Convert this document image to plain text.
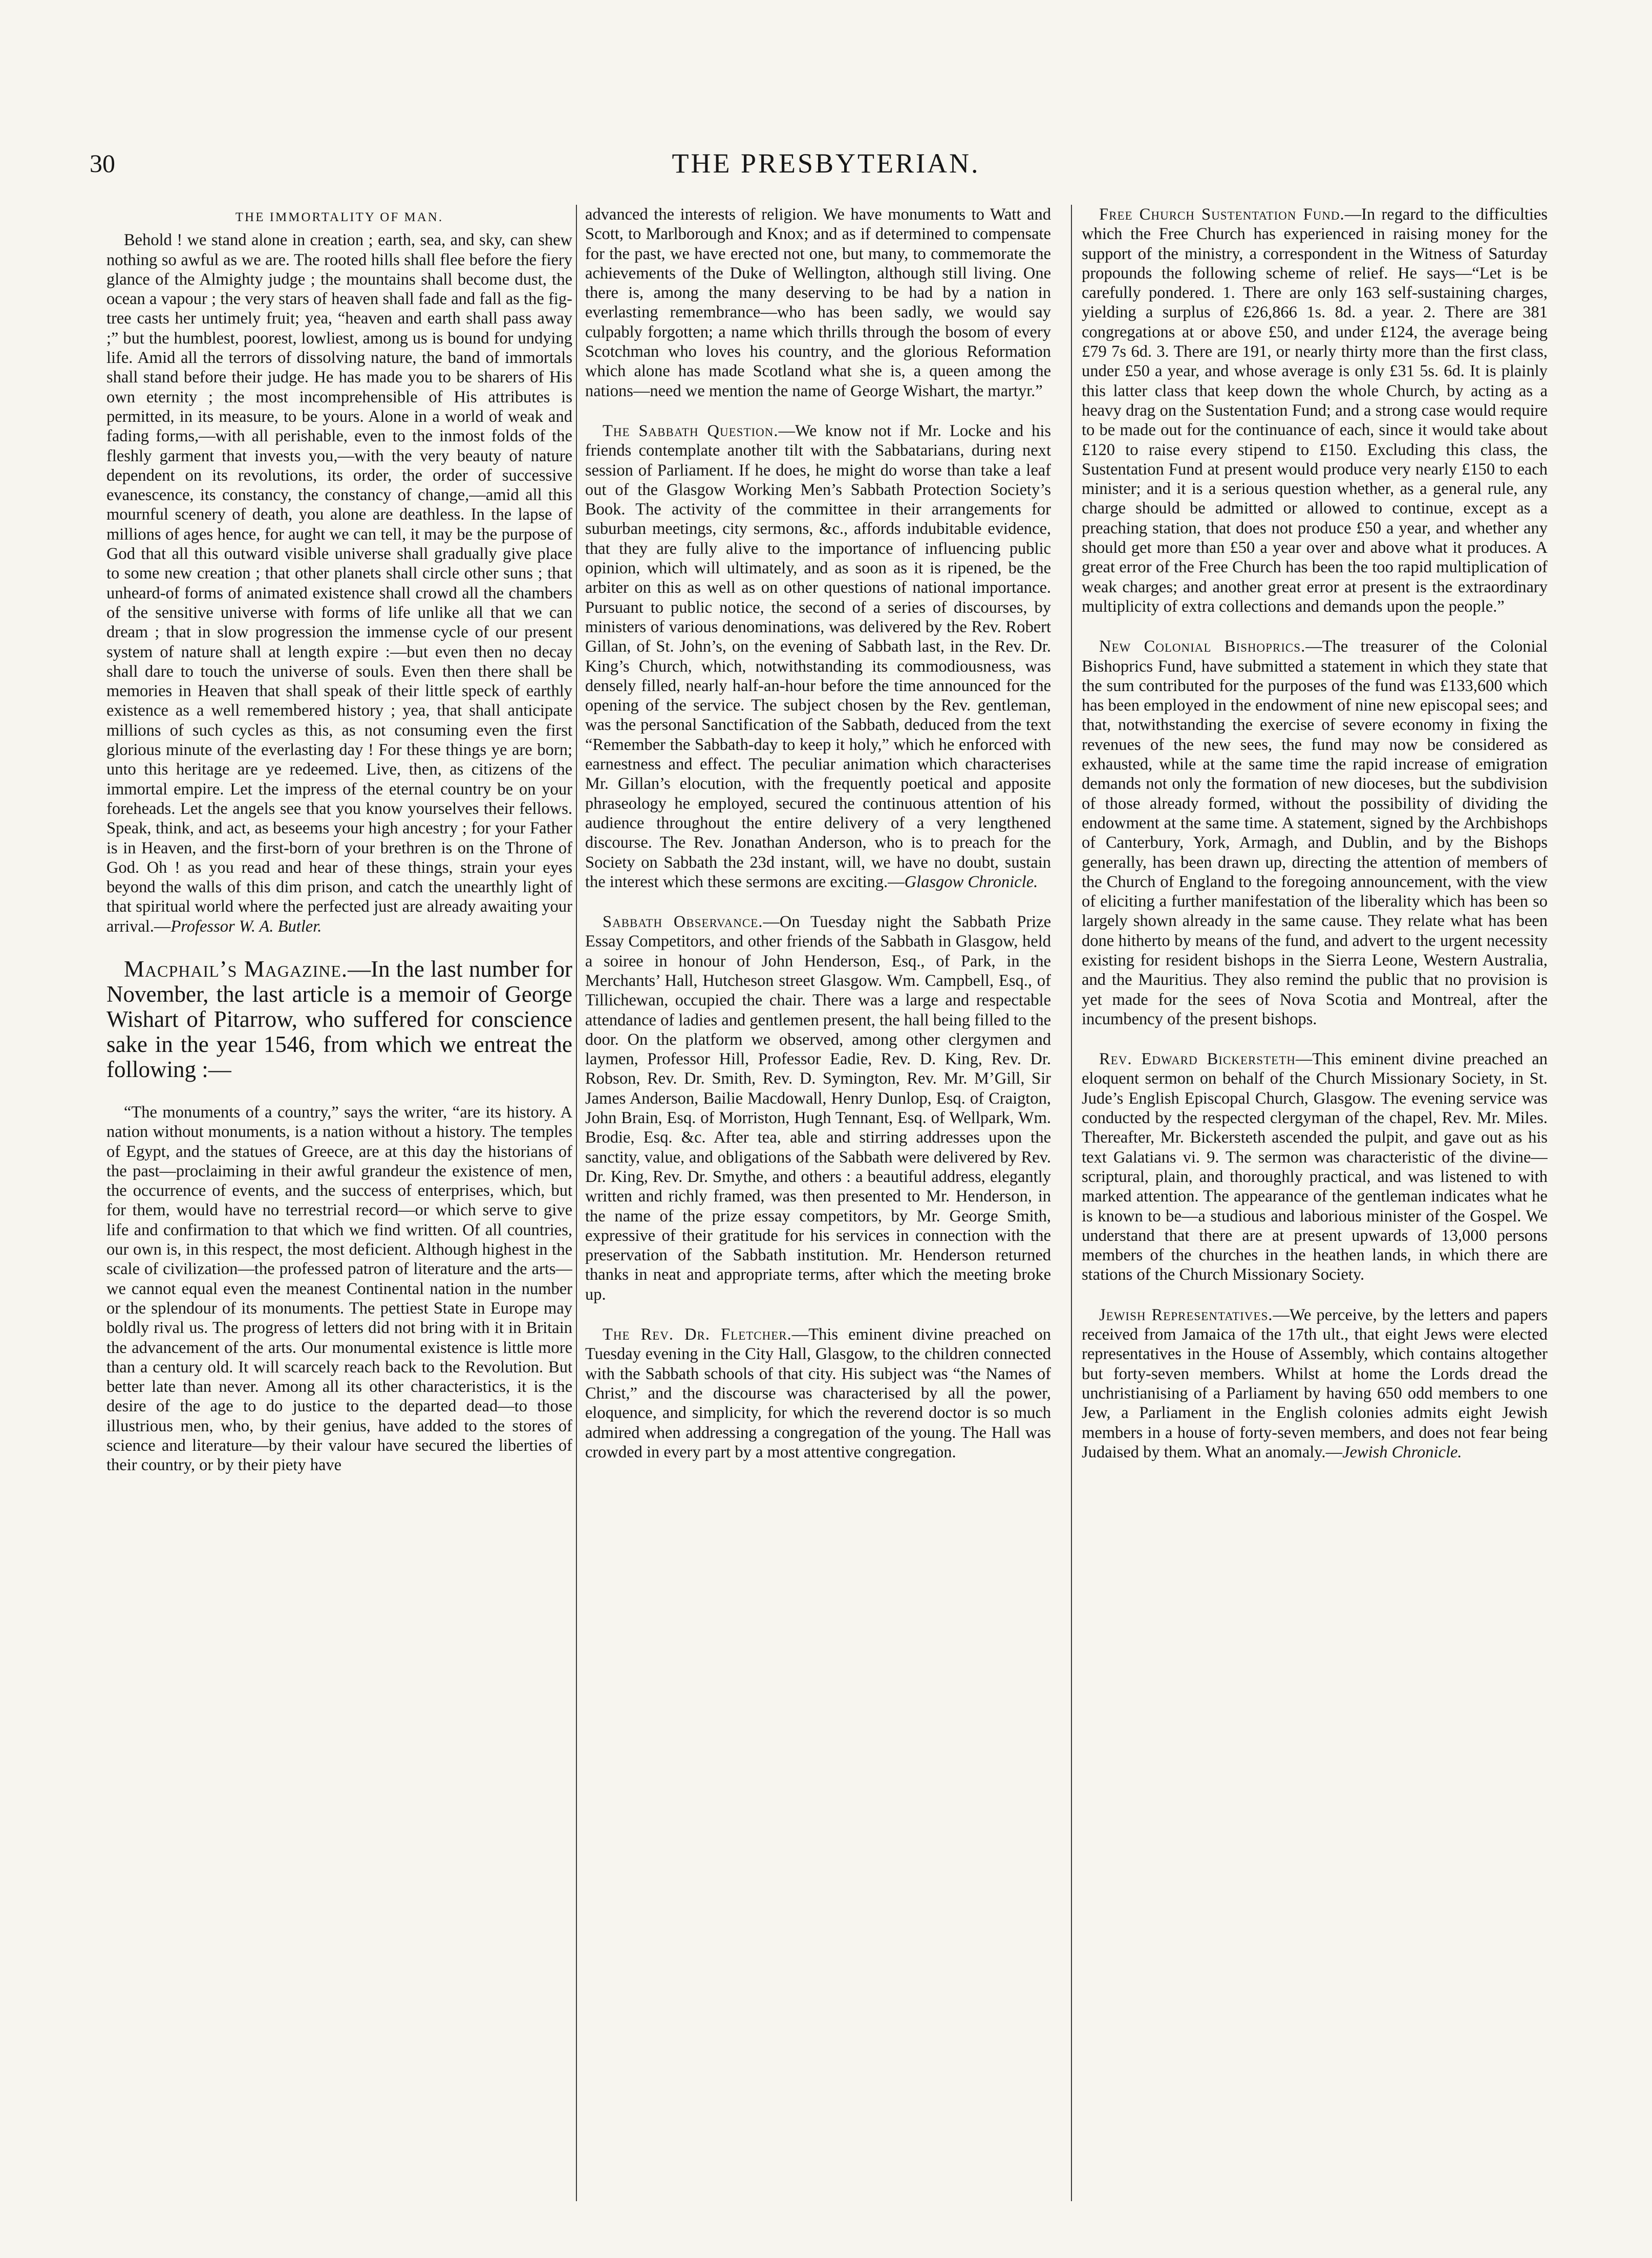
30	THE PRESBYTERIAN.
THE IMMORTALITY OF MAN.

Behold ! we stand alone in creation ; earth, sea, and sky, can shew nothing so awful as we are. The rooted hills shall flee before the fiery glance of the Almighty judge ; the mountains shall become dust, the ocean a vapour ; the very stars of heaven shall fade and fall as the fig-tree casts her untimely fruit; yea, “heaven and earth shall pass away ;” but the humblest, poorest, lowliest, among us is bound for undying life. Amid all the terrors of dissolving nature, the band of immortals shall stand before their judge. He has made you to be sharers of His own eternity ; the most incomprehensible of His attributes is permitted, in its measure, to be yours. Alone in a world of weak and fading forms,—with all perishable, even to the inmost folds of the fleshly garment that invests you,—with the very beauty of nature dependent on its revolutions, its order, the order of successive evanescence, its constancy, the constancy of change,—amid all this mournful scenery of death, you alone are deathless. In the lapse of millions of ages hence, for aught we can tell, it may be the purpose of God that all this outward visible universe shall gradually give place to some new creation ; that other planets shall circle other suns ; that unheard-of forms of animated existence shall crowd all the chambers of the sensitive universe with forms of life unlike all that we can dream ; that in slow progression the immense cycle of our present system of nature shall at length expire :—but even then no decay shall dare to touch the universe of souls. Even then there shall be memories in Heaven that shall speak of their little speck of earthly existence as a well remembered history ; yea, that shall anticipate millions of such cycles as this, as not consuming even the first glorious minute of the everlasting day ! For these things ye are born; unto this heritage are ye redeemed. Live, then, as citizens of the immortal empire. Let the impress of the eternal country be on your foreheads. Let the angels see that you know yourselves their fellows. Speak, think, and act, as beseems your high ancestry ; for your Father is in Heaven, and the first-born of your brethren is on the Throne of God. Oh ! as you read and hear of these things, strain your eyes beyond the walls of this dim prison, and catch the unearthly light of that spiritual world where the perfected just are already awaiting your arrival.—Professor W. A. Butler.

Macphail’s Magazine.—In the last number for November, the last article is a memoir of George Wishart of Pitarrow, who suffered for conscience sake in the year 1546, from which we entreat the following :—

“The monuments of a country,” says the writer, “are its history. A nation without monuments, is a nation without a history. The temples of Egypt, and the statues of Greece, are at this day the historians of the past—proclaiming in their awful grandeur the existence of men, the occurrence of events, and the success of enterprises, which, but for them, would have no terrestrial record—or which serve to give life and confirmation to that which we find written. Of all countries, our own is, in this respect, the most deficient. Although highest in the scale of civilization—the professed patron of literature and the arts—we cannot equal even the meanest Continental nation in the number or the splendour of its monuments. The pettiest State in Europe may boldly rival us. The progress of letters did not bring with it in Britain the advancement of the arts. Our monumental existence is little more than a century old. It will scarcely reach back to the Revolution. But better late than never. Among all its other characteristics, it is the desire of the age to do justice to the departed dead—to those illustrious men, who, by their genius, have added to the stores of science and literature—by their valour have secured the liberties of their country, or by their piety have

advanced the interests of religion. We have monuments to Watt and Scott, to Marlborough and Knox; and as if determined to compensate for the past, we have erected not one, but many, to commemorate the achievements of the Duke of Wellington, although still living. One there is, among the many deserving to be had by a nation in everlasting remembrance—who has been sadly, we would say culpably forgotten; a name which thrills through the bosom of every Scotchman who loves his country, and the glorious Reformation which alone has made Scotland what she is, a queen among the nations—need we mention the name of George Wishart, the martyr.”

The Sabbath Question.—We know not if Mr. Locke and his friends contemplate another tilt with the Sabbatarians, during next session of Parliament. If he does, he might do worse than take a leaf out of the Glasgow Working Men’s Sabbath Protection Society’s Book. The activity of the committee in their arrangements for suburban meetings, city sermons, &c., affords indubitable evidence, that they are fully alive to the importance of influencing public opinion, which will ultimately, and as soon as it is ripened, be the arbiter on this as well as on other questions of national importance. Pursuant to public notice, the second of a series of discourses, by ministers of various denominations, was delivered by the Rev. Robert Gillan, of St. John’s, on the evening of Sabbath last, in the Rev. Dr. King’s Church, which, notwithstanding its commodiousness, was densely filled, nearly half-an-hour before the time announced for the opening of the service. The subject chosen by the Rev. gentleman, was the personal Sanctification of the Sabbath, deduced from the text “Remember the Sabbath-day to keep it holy,” which he enforced with earnestness and effect. The peculiar animation which characterises Mr. Gillan’s elocution, with the frequently poetical and apposite phraseology he employed, secured the continuous attention of his audience throughout the entire delivery of a very lengthened discourse. The Rev. Jonathan Anderson, who is to preach for the Society on Sabbath the 23d instant, will, we have no doubt, sustain the interest which these sermons are exciting.—Glasgow Chronicle.

Sabbath Observance.—On Tuesday night the Sabbath Prize Essay Competitors, and other friends of the Sabbath in Glasgow, held a soiree in honour of John Henderson, Esq., of Park, in the Merchants’ Hall, Hutcheson street Glasgow. Wm. Campbell, Esq., of Tillichewan, occupied the chair. There was a large and respectable attendance of ladies and gentlemen present, the hall being filled to the door. On the platform we observed, among other clergymen and laymen, Professor Hill, Professor Eadie, Rev. D. King, Rev. Dr. Robson, Rev. Dr. Smith, Rev. D. Symington, Rev. Mr. M’Gill, Sir James Anderson, Bailie Macdowall, Henry Dunlop, Esq. of Craigton, John Brain, Esq. of Morriston, Hugh Tennant, Esq. of Wellpark, Wm. Brodie, Esq. &c. After tea, able and stirring addresses upon the sanctity, value, and obligations of the Sabbath were delivered by Rev. Dr. King, Rev. Dr. Smythe, and others : a beautiful address, elegantly written and richly framed, was then presented to Mr. Henderson, in the name of the prize essay competitors, by Mr. George Smith, expressive of their gratitude for his services in connection with the preservation of the Sabbath institution. Mr. Henderson returned thanks in neat and appropriate terms, after which the meeting broke up.

The Rev. Dr. Fletcher.—This eminent divine preached on Tuesday evening in the City Hall, Glasgow, to the children connected with the Sabbath schools of that city. His subject was “the Names of Christ,” and the discourse was characterised by all the power, eloquence, and simplicity, for which the reverend doctor is so much admired when addressing a congregation of the young. The Hall was crowded in every part by a most attentive congregation.

Free Church Sustentation Fund.—In regard to the difficulties which the Free Church has experienced in raising money for the support of the ministry, a correspondent in the Witness of Saturday propounds the following scheme of relief. He says—“Let is be carefully pondered. 1. There are only 163 self-sustaining charges, yielding a surplus of £26,866 1s. 8d. a year. 2. There are 381 congregations at or above £50, and under £124, the average being £79 7s 6d. 3. There are 191, or nearly thirty more than the first class, under £50 a year, and whose average is only £31 5s. 6d. It is plainly this latter class that keep down the whole Church, by acting as a heavy drag on the Sustentation Fund; and a strong case would require to be made out for the continuance of each, since it would take about £120 to raise every stipend to £150. Excluding this class, the Sustentation Fund at present would produce very nearly £150 to each minister; and it is a serious question whether, as a general rule, any charge should be admitted or allowed to continue, except as a preaching station, that does not produce £50 a year, and whether any should get more than £50 a year over and above what it produces. A great error of the Free Church has been the too rapid multiplication of weak charges; and another great error at present is the extraordinary multiplicity of extra collections and demands upon the people.”

New Colonial Bishoprics.—The treasurer of the Colonial Bishoprics Fund, have submitted a statement in which they state that the sum contributed for the purposes of the fund was £133,600 which has been employed in the endowment of nine new episcopal sees; and that, notwithstanding the exercise of severe economy in fixing the revenues of the new sees, the fund may now be considered as exhausted, while at the same time the rapid increase of emigration demands not only the formation of new dioceses, but the subdivision of those already formed, without the possibility of dividing the endowment at the same time. A statement, signed by the Archbishops of Canterbury, York, Armagh, and Dublin, and by the Bishops generally, has been drawn up, directing the attention of members of the Church of England to the foregoing announcement, with the view of eliciting a further manifestation of the liberality which has been so largely shown already in the same cause. They relate what has been done hitherto by means of the fund, and advert to the urgent necessity existing for resident bishops in the Sierra Leone, Western Australia, and the Mauritius. They also remind the public that no provision is yet made for the sees of Nova Scotia and Montreal, after the incumbency of the present bishops.

Rev. Edward Bickersteth—This eminent divine preached an eloquent sermon on behalf of the Church Missionary Society, in St. Jude’s English Episcopal Church, Glasgow. The evening service was conducted by the respected clergyman of the chapel, Rev. Mr. Miles. Thereafter, Mr. Bickersteth ascended the pulpit, and gave out as his text Galatians vi. 9. The sermon was characteristic of the divine—scriptural, plain, and thoroughly practical, and was listened to with marked attention. The appearance of the gentleman indicates what he is known to be—a studious and laborious minister of the Gospel. We understand that there are at present upwards of 13,000 persons members of the churches in the heathen lands, in which there are stations of the Church Missionary Society.

Jewish Representatives.—We perceive, by the letters and papers received from Jamaica of the 17th ult., that eight Jews were elected representatives in the House of Assembly, which contains altogether but forty-seven members. Whilst at home the Lords dread the unchristianising of a Parliament by having 650 odd members to one Jew, a Parliament in the English colonies admits eight Jewish members in a house of forty-seven members, and does not fear being Judaised by them. What an anomaly.—Jewish Chronicle.
